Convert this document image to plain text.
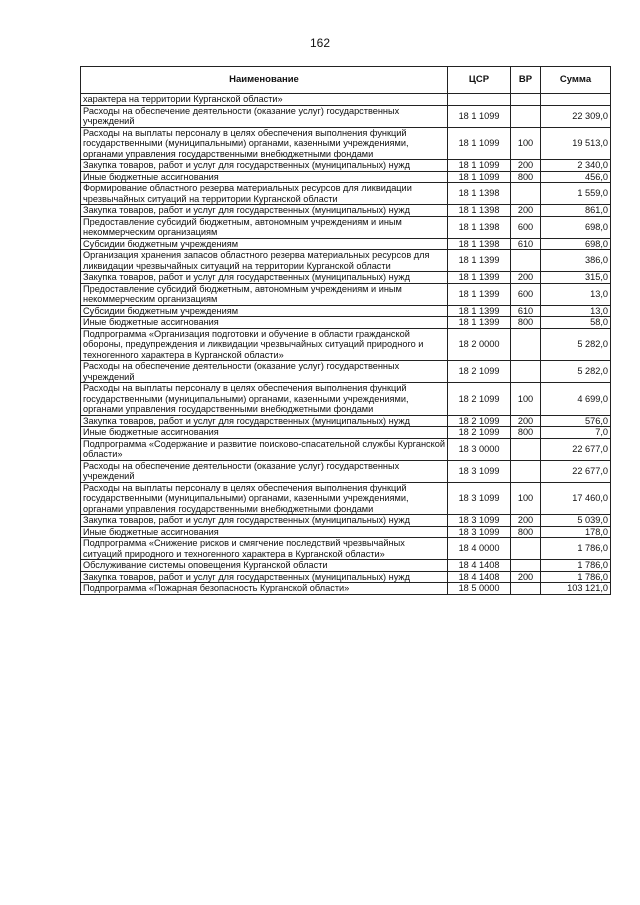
162
Наименование	ЦСР	ВР	Сумма
характера на территории Курганской области»			
Расходы на обеспечение деятельности (оказание услуг) государственных учреждений	18 1 1099		22 309,0
Расходы на выплаты персоналу в целях обеспечения выполнения функций государственными (муниципальными) органами, казенными учреждениями, органами управления государственными внебюджетными фондами	18 1 1099	100	19 513,0
Закупка товаров, работ и услуг для государственных (муниципальных) нужд	18 1 1099	200	2 340,0
Иные бюджетные ассигнования	18 1 1099	800	456,0
Формирование областного резерва материальных ресурсов для ликвидации чрезвычайных ситуаций на территории Курганской области	18 1 1398		1 559,0
Закупка товаров, работ и услуг для государственных (муниципальных) нужд	18 1 1398	200	861,0
Предоставление субсидий бюджетным, автономным учреждениям и иным некоммерческим организациям	18 1 1398	600	698,0
Субсидии бюджетным учреждениям	18 1 1398	610	698,0
Организация хранения запасов областного резерва материальных ресурсов для ликвидации чрезвычайных ситуаций на территории Курганской области	18 1 1399		386,0
Закупка товаров, работ и услуг для государственных (муниципальных) нужд	18 1 1399	200	315,0
Предоставление субсидий бюджетным, автономным учреждениям и иным некоммерческим организациям	18 1 1399	600	13,0
Субсидии бюджетным учреждениям	18 1 1399	610	13,0
Иные бюджетные ассигнования	18 1 1399	800	58,0
Подпрограмма «Организация подготовки и обучение в области гражданской обороны, предупреждения и ликвидации чрезвычайных ситуаций природного и техногенного характера в Курганской области»	18 2 0000		5 282,0
Расходы на обеспечение деятельности (оказание услуг) государственных учреждений	18 2 1099		5 282,0
Расходы на выплаты персоналу в целях обеспечения выполнения функций государственными (муниципальными) органами, казенными учреждениями, органами управления государственными внебюджетными фондами	18 2 1099	100	4 699,0
Закупка товаров, работ и услуг для государственных (муниципальных) нужд	18 2 1099	200	576,0
Иные бюджетные ассигнования	18 2 1099	800	7,0
Подпрограмма «Содержание и развитие поисково-спасательной службы Курганской области»	18 3 0000		22 677,0
Расходы на обеспечение деятельности (оказание услуг) государственных учреждений	18 3 1099		22 677,0
Расходы на выплаты персоналу в целях обеспечения выполнения функций государственными (муниципальными) органами, казенными учреждениями, органами управления государственными внебюджетными фондами	18 3 1099	100	17 460,0
Закупка товаров, работ и услуг для государственных (муниципальных) нужд	18 3 1099	200	5 039,0
Иные бюджетные ассигнования	18 3 1099	800	178,0
Подпрограмма «Снижение рисков и смягчение последствий чрезвычайных ситуаций природного и техногенного характера в Курганской области»	18 4 0000		1 786,0
Обслуживание системы оповещения Курганской области	18 4 1408		1 786,0
Закупка товаров, работ и услуг для государственных (муниципальных) нужд	18 4 1408	200	1 786,0
Подпрограмма «Пожарная безопасность Курганской области»	18 5 0000		103 121,0
